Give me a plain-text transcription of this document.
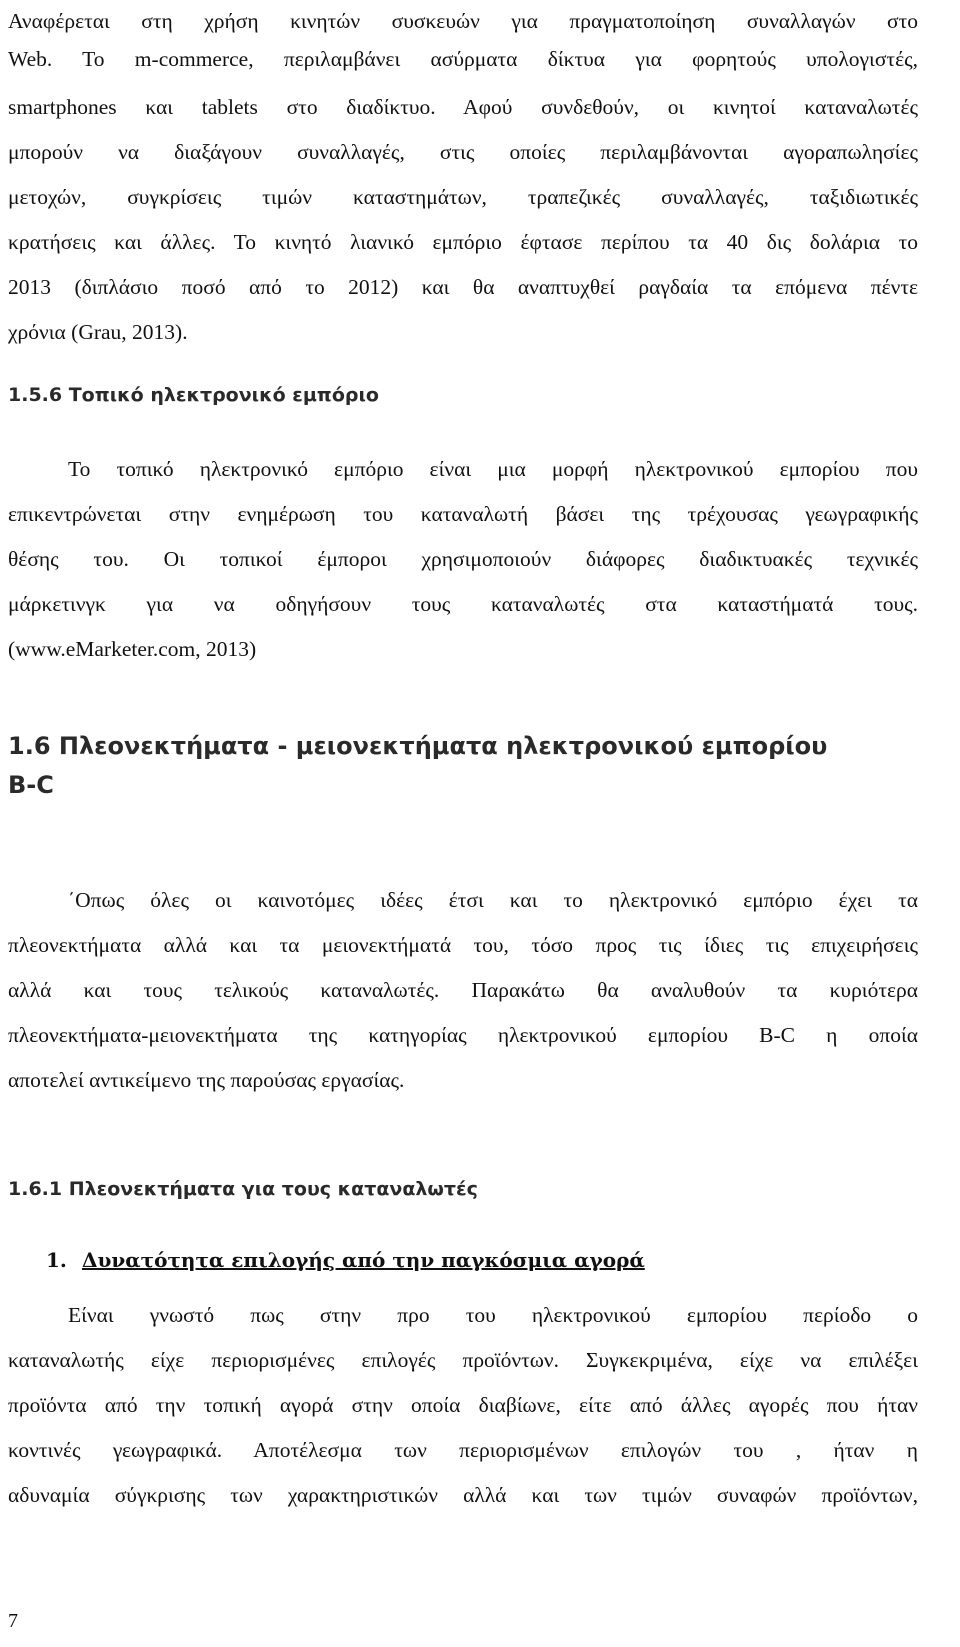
Αναφέρεται στη χρήση κινητών συσκευών για πραγματοποίηση συναλλαγών στο
Web. To m-commerce, περιλαμβάνει ασύρματα δίκτυα για φορητούς υπολογιστές,
smartphones και tablets στο διαδίκτυο. Αφού συνδεθούν, οι κινητοί καταναλωτές
μπορούν να διαξάγουν συναλλαγές, στις οποίες περιλαμβάνονται αγοραπωλησίες
μετοχών, συγκρίσεις τιμών καταστημάτων, τραπεζικές συναλλαγές, ταξιδιωτικές
κρατήσεις και άλλες. Το κινητό λιανικό εμπόριο έφτασε περίπου τα 40 δις δολάρια το
2013 (διπλάσιο ποσό από το 2012) και θα αναπτυχθεί ραγδαία τα επόμενα πέντε
χρόνια (Grau, 2013).
1.5.6 Τοπικό ηλεκτρονικό εμπόριο
Το τοπικό ηλεκτρονικό εμπόριο είναι μια μορφή ηλεκτρονικού εμπορίου που
επικεντρώνεται στην ενημέρωση του καταναλωτή βάσει της τρέχουσας γεωγραφικής
θέσης του. Οι τοπικοί έμποροι χρησιμοποιούν διάφορες διαδικτυακές τεχνικές
μάρκετινγκ για να οδηγήσουν τους καταναλωτές στα καταστήματά τους.
(www.eMarketer.com, 2013)
1.6 Πλεονεκτήματα - μειονεκτήματα ηλεκτρονικού εμπορίου
B-C
΄Οπως όλες οι καινοτόμες ιδέες έτσι και το ηλεκτρονικό εμπόριο έχει τα
πλεονεκτήματα αλλά και τα μειονεκτήματά του, τόσο προς τις ίδιες τις επιχειρήσεις
αλλά και τους τελικούς καταναλωτές. Παρακάτω θα αναλυθούν τα κυριότερα
πλεονεκτήματα-μειονεκτήματα της κατηγορίας ηλεκτρονικού εμπορίου B-C η οποία
αποτελεί αντικείμενο της παρούσας εργασίας.
1.6.1 Πλεονεκτήματα για τους καταναλωτές
1. Δυνατότητα επιλογής από την παγκόσμια αγορά
Είναι γνωστό πως στην προ του ηλεκτρονικού εμπορίου περίοδο ο
καταναλωτής είχε περιορισμένες επιλογές προϊόντων. Συγκεκριμένα, είχε να επιλέξει
προϊόντα από την τοπική αγορά στην οποία διαβίωνε, είτε από άλλες αγορές που ήταν
κοντινές γεωγραφικά. Αποτέλεσμα των περιορισμένων επιλογών του , ήταν η
αδυναμία σύγκρισης των χαρακτηριστικών αλλά και των τιμών συναφών προϊόντων,
7
